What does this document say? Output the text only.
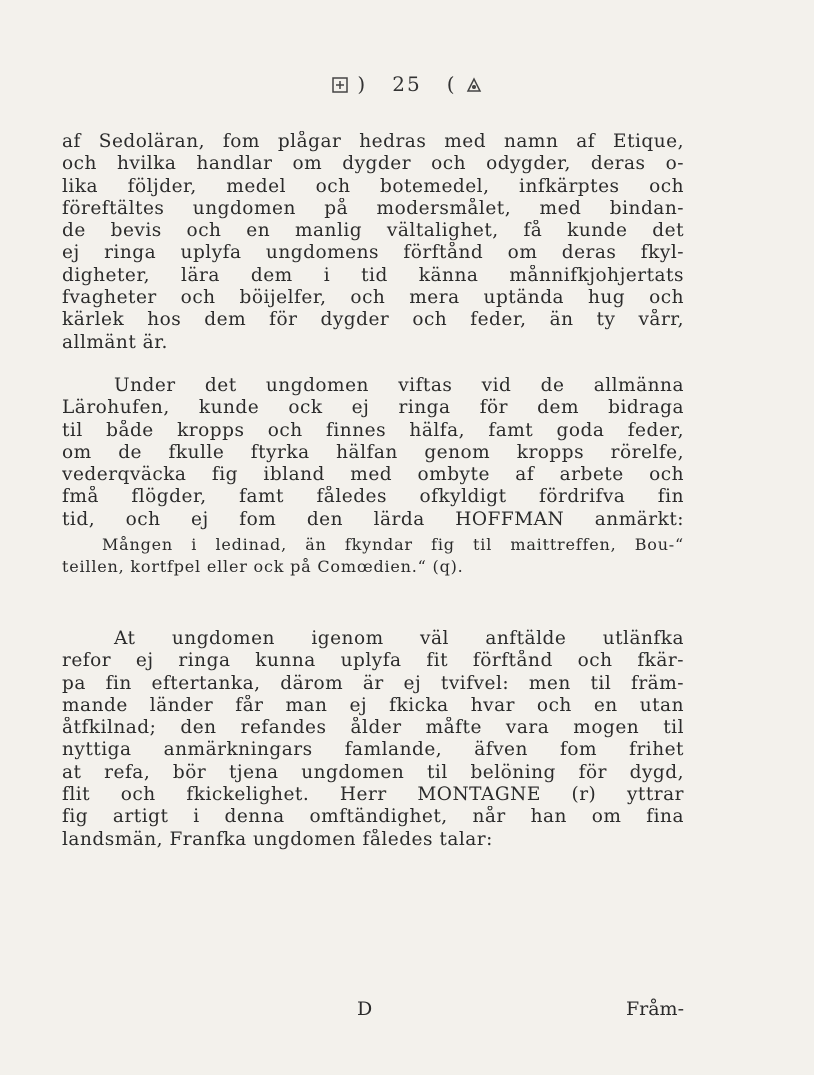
) 25 (
af Sedoläran, fom plågar hedras med namn af Etique,
och hvilka handlar om dygder och odygder, deras o-
lika följder, medel och botemedel, infkärptes och
föreftältes ungdomen på modersmålet, med bindan-
de bevis och en manlig vältalighet, få kunde det
ej ringa uplyfa ungdomens förftånd om deras fkyl-
digheter, lära dem i tid känna månnifkjohjertats
fvagheter och böijelfer, och mera uptända hug och
kärlek hos dem för dygder och feder, än ty vårr,
allmänt är.
Under det ungdomen viftas vid de allmänna
Lärohufen, kunde ock ej ringa för dem bidraga
til både kropps och finnes hälfa, famt goda feder,
om de fkulle ftyrka hälfan genom kropps rörelfe,
vederqväcka fig ibland med ombyte af arbete och
fmå flögder, famt fåledes ofkyldigt fördrifva fin
tid, och ej fom den lärda HOFFMAN anmärkt:
Mången i ledinad, än fkyndar fig til maittreffen, Bou-“
teillen, kortfpel eller ock på Comœdien.“ (q).
At ungdomen igenom väl anftälde utlänfka
refor ej ringa kunna uplyfa fit förftånd och fkär-
pa fin eftertanka, därom är ej tvifvel: men til främ-
mande länder får man ej fkicka hvar och en utan
åtfkilnad; den refandes ålder måfte vara mogen til
nyttiga anmärkningars famlande, äfven fom frihet
at refa, bör tjena ungdomen til belöning för dygd,
flit och fkickelighet. Herr MONTAGNE (r) yttrar
fig artigt i denna omftändighet, når han om fina
landsmän, Franfka ungdomen fåledes talar:
D	Fråm-
